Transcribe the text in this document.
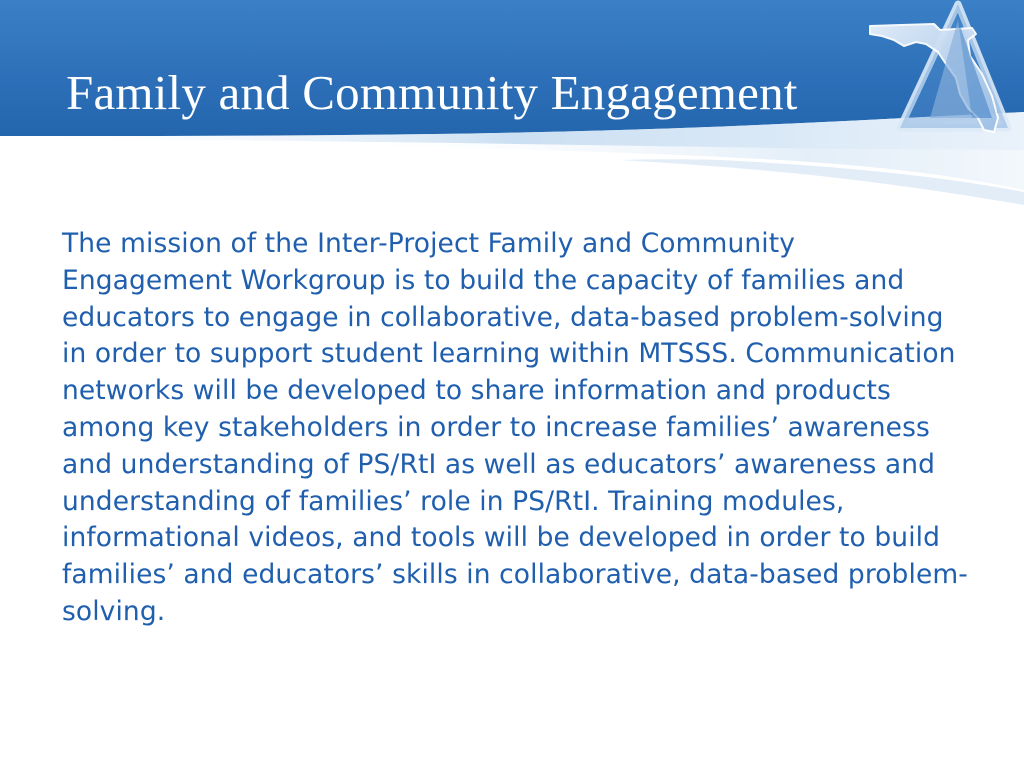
Family and Community Engagement

The mission of the Inter-Project Family and Community Engagement Workgroup is to build the capacity of families and educators to engage in collaborative, data-based problem-solving in order to support student learning within MTSSS. Communication networks will be developed to share information and products among key stakeholders in order to increase families’ awareness and understanding of PS/RtI as well as educators’ awareness and understanding of families’ role in PS/RtI. Training modules, informational videos, and tools will be developed in order to build families’ and educators’ skills in collaborative, data-based problem-solving.
